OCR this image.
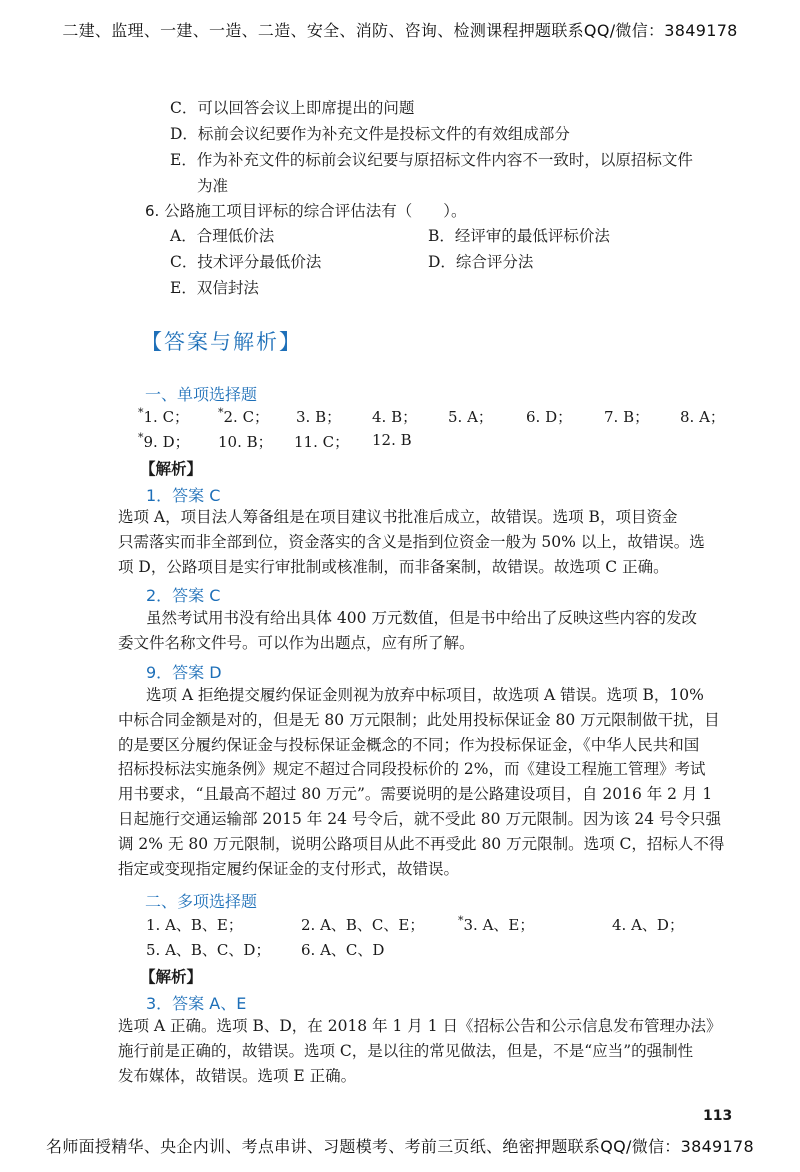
二建、监理、一建、一造、二造、安全、消防、咨询、检测课程押题联系QQ/微信：3849178
C．可以回答会议上即席提出的问题
D．标前会议纪要作为补充文件是投标文件的有效组成部分
E．作为补充文件的标前会议纪要与原招标文件内容不一致时，以原招标文件
为准
6. 公路施工项目评标的综合评估法有（　　）。
A．合理低价法	B．经评审的最低评标价法
C．技术评分最低价法	D．综合评分法
E．双信封法
【答案与解析】
一、单项选择题
*1. C；	*2. C； 3. B； 4. B； 5. A； 6. D； 7. B； 8. A；
*9. D； 10. B； 11. C； 12. B
【解析】
1．答案 C
选项 A，项目法人筹备组是在项目建议书批准后成立，故错误。选项 B，项目资金
只需落实而非全部到位，资金落实的含义是指到位资金一般为 50% 以上，故错误。选
项 D，公路项目是实行审批制或核准制，而非备案制，故错误。故选项 C 正确。
2．答案 C
虽然考试用书没有给出具体 400 万元数值，但是书中给出了反映这些内容的发改
委文件名称文件号。可以作为出题点，应有所了解。
9．答案 D
选项 A 拒绝提交履约保证金则视为放弃中标项目，故选项 A 错误。选项 B，10%
中标合同金额是对的，但是无 80 万元限制；此处用投标保证金 80 万元限制做干扰，目
的是要区分履约保证金与投标保证金概念的不同；作为投标保证金，《中华人民共和国
招标投标法实施条例》规定不超过合同段投标价的 2%，而《建设工程施工管理》考试
用书要求，“且最高不超过 80 万元”。需要说明的是公路建设项目，自 2016 年 2 月 1
日起施行交通运输部 2015 年 24 号令后，就不受此 80 万元限制。因为该 24 号令只强
调 2% 无 80 万元限制，说明公路项目从此不再受此 80 万元限制。选项 C，招标人不得
指定或变现指定履约保证金的支付形式，故错误。
二、多项选择题
1. A、B、E；	2. A、B、C、E；	*3. A、E；	4. A、D；
5. A、B、C、D； 6. A、C、D
【解析】
3．答案 A、E
选项 A 正确。选项 B、D，在 2018 年 1 月 1 日《招标公告和公示信息发布管理办法》
施行前是正确的，故错误。选项 C，是以往的常见做法，但是，不是“应当”的强制性
发布媒体，故错误。选项 E 正确。
113
名师面授精华、央企内训、考点串讲、习题模考、考前三页纸、绝密押题联系QQ/微信：3849178
